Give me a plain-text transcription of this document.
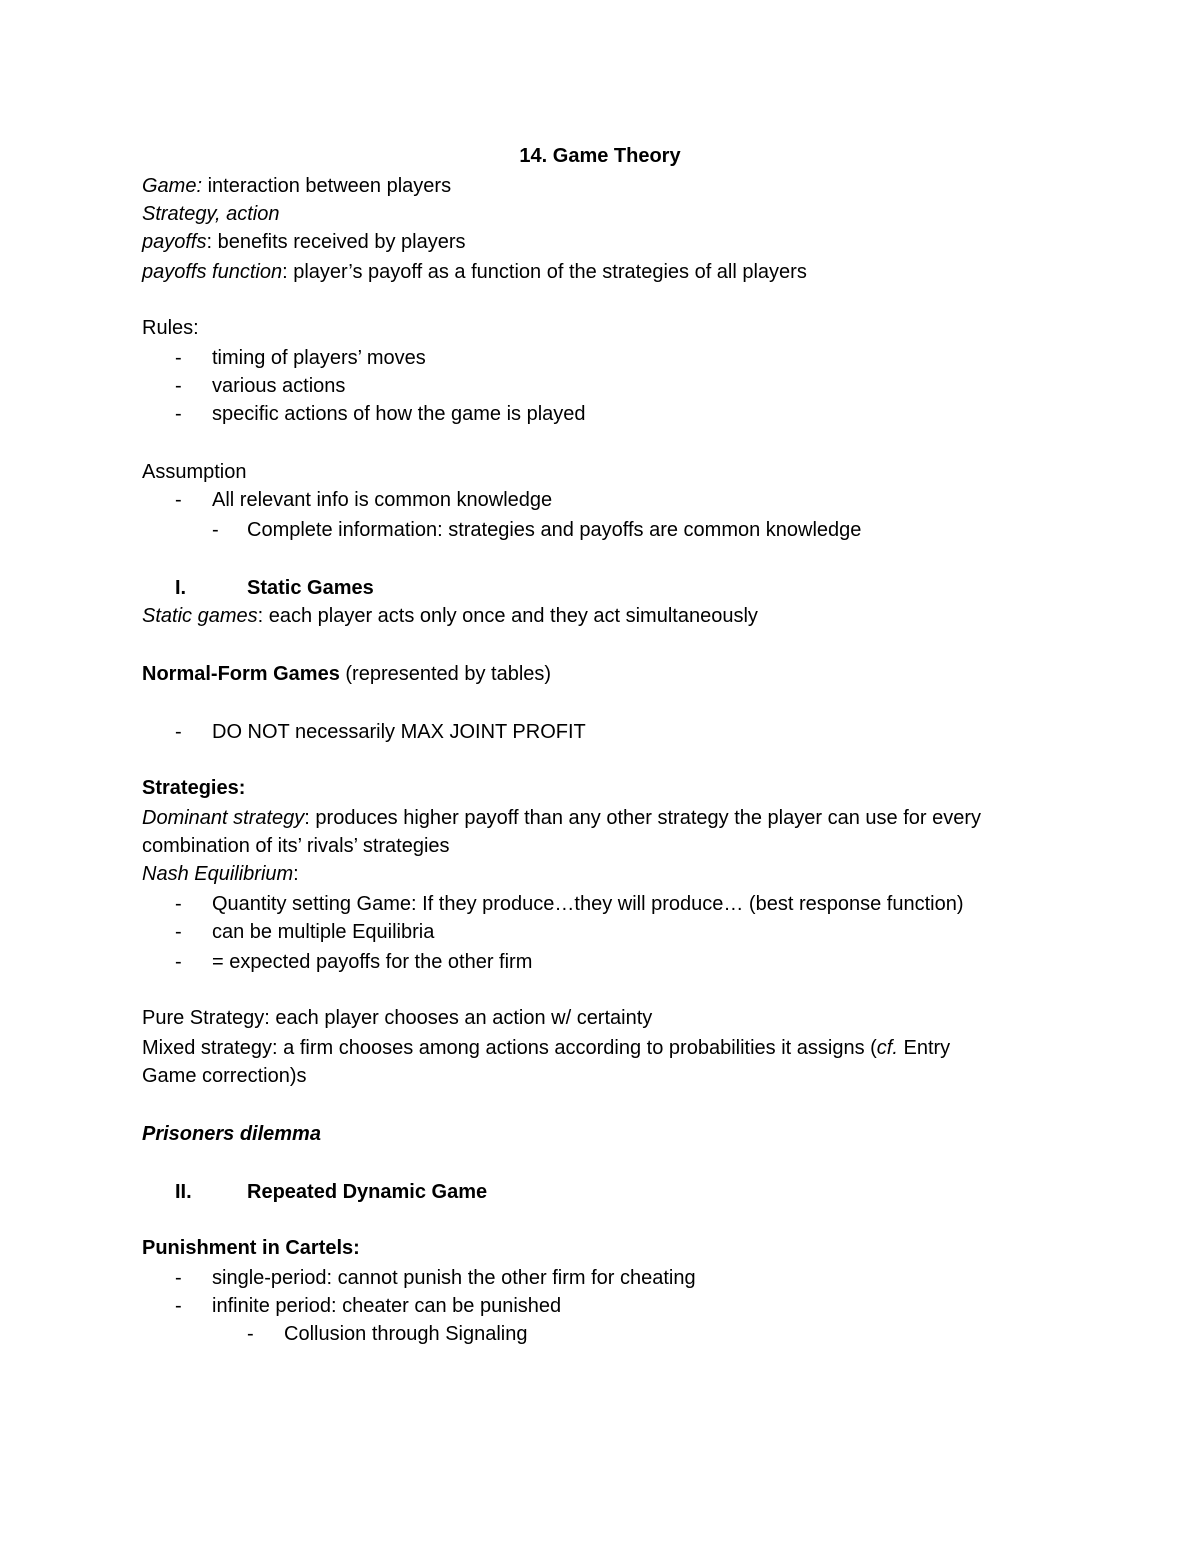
14. Game Theory
Game: interaction between players
Strategy, action
payoffs: benefits received by players
payoffs function: player’s payoff as a function of the strategies of all players
Rules:
- timing of players’ moves
- various actions
- specific actions of how the game is played
Assumption
- All relevant info is common knowledge
- Complete information: strategies and payoffs are common knowledge
I.	Static Games
Static games: each player acts only once and they act simultaneously
Normal-Form Games (represented by tables)
- DO NOT necessarily MAX JOINT PROFIT
Strategies:
Dominant strategy: produces higher payoff than any other strategy the player can use for every
combination of its’ rivals’ strategies
Nash Equilibrium:
- Quantity setting Game: If they produce…they will produce… (best response function)
- can be multiple Equilibria
- = expected payoffs for the other firm
Pure Strategy: each player chooses an action w/ certainty
Mixed strategy: a firm chooses among actions according to probabilities it assigns (cf. Entry
Game correction)s
Prisoners dilemma
II.	Repeated Dynamic Game
Punishment in Cartels:
- single-period: cannot punish the other firm for cheating
- infinite period: cheater can be punished
- Collusion through Signaling
